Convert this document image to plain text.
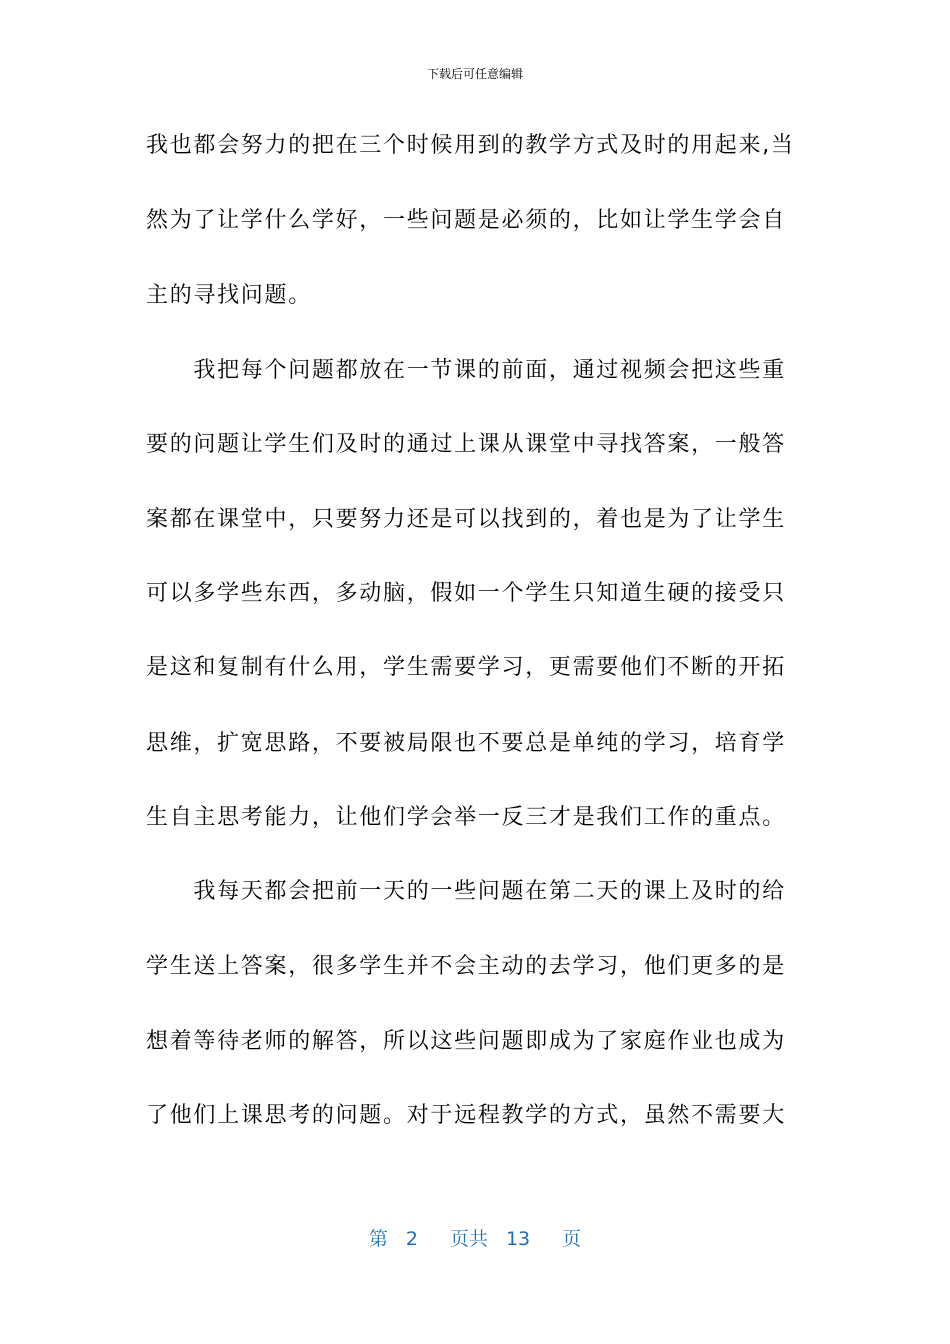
下载后可任意编辑
我也都会努力的把在三个时候用到的教学方式及时的用起来,当
然为了让学什么学好，一些问题是必须的，比如让学生学会自
主的寻找问题。
　　我把每个问题都放在一节课的前面，通过视频会把这些重
要的问题让学生们及时的通过上课从课堂中寻找答案，一般答
案都在课堂中，只要努力还是可以找到的，着也是为了让学生
可以多学些东西，多动脑，假如一个学生只知道生硬的接受只
是这和复制有什么用，学生需要学习，更需要他们不断的开拓
思维，扩宽思路，不要被局限也不要总是单纯的学习，培育学
生自主思考能力，让他们学会举一反三才是我们工作的重点。
　　我每天都会把前一天的一些问题在第二天的课上及时的给
学生送上答案，很多学生并不会主动的去学习，他们更多的是
想着等待老师的解答，所以这些问题即成为了家庭作业也成为
了他们上课思考的问题。对于远程教学的方式，虽然不需要大
第 2 页共 13 页
